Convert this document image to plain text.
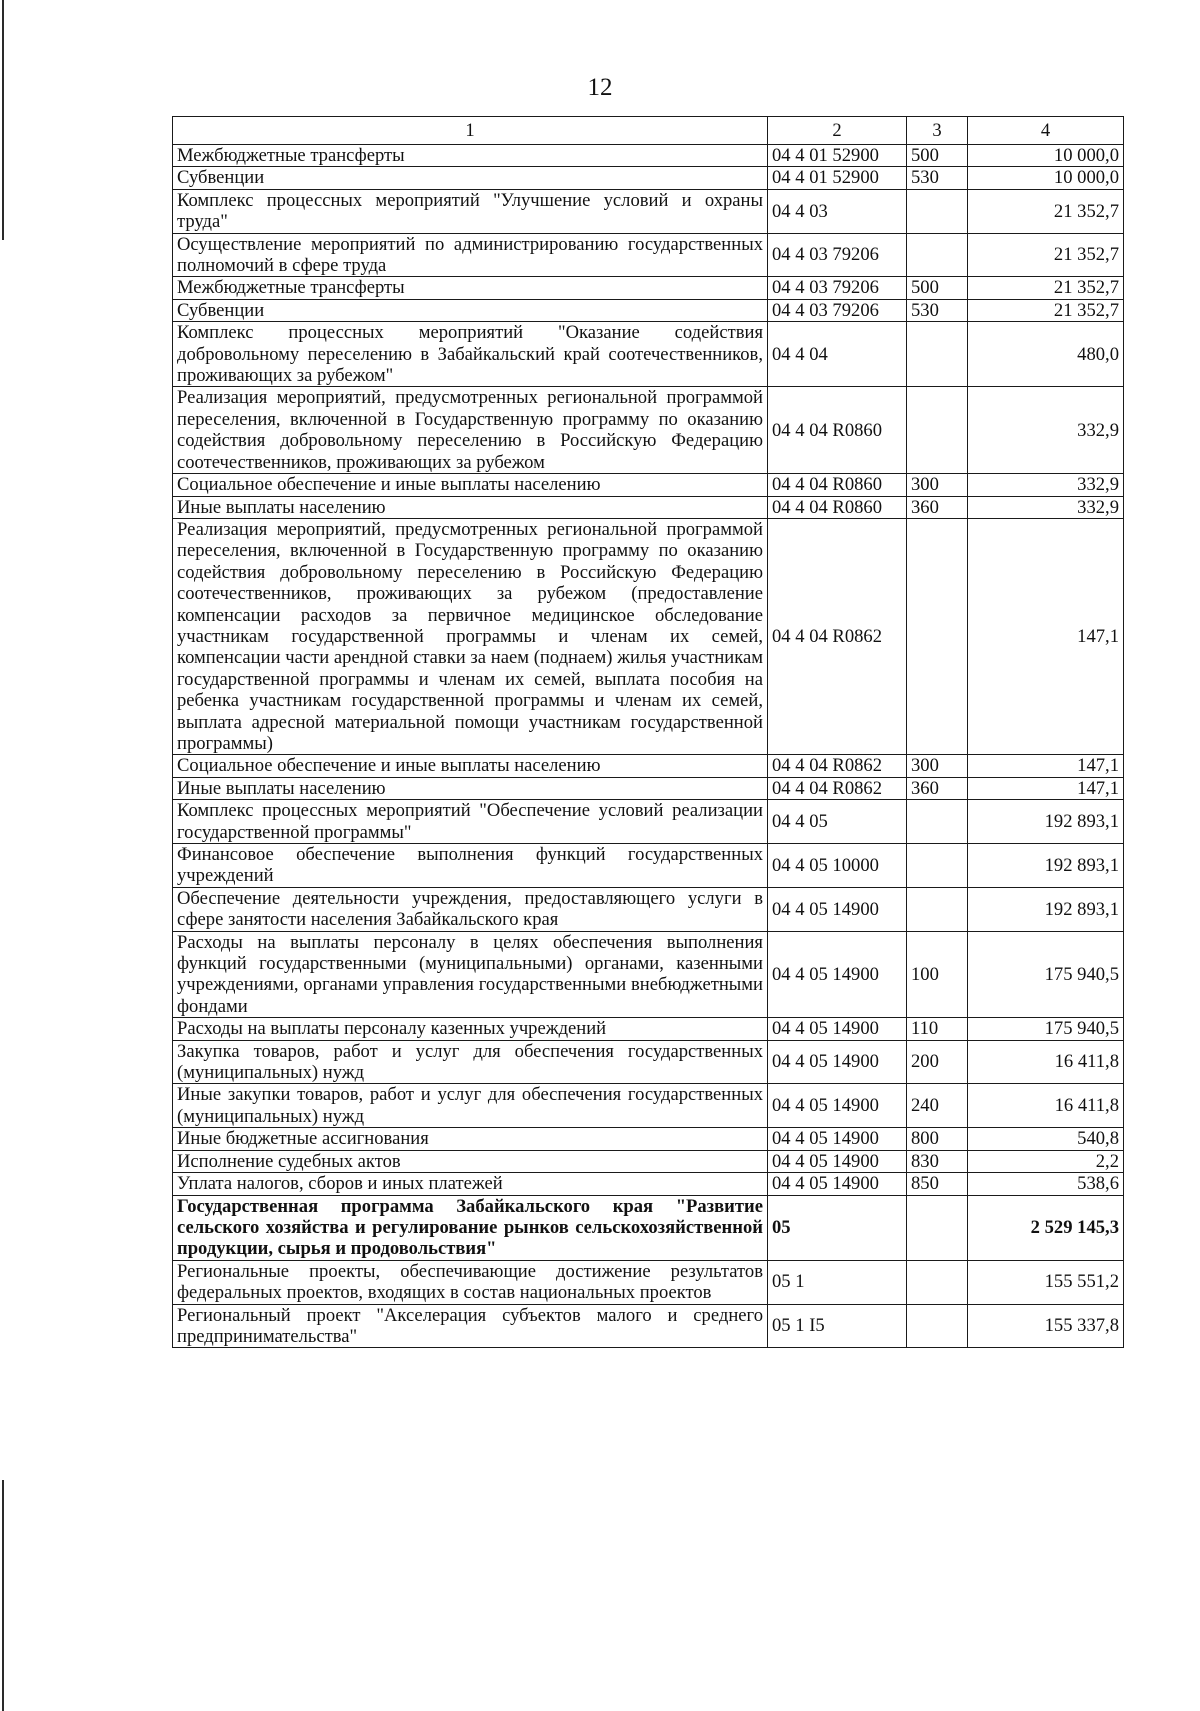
12
1	2	3	4
Межбюджетные трансферты	04 4 01 52900	500	10 000,0
Субвенции	04 4 01 52900	530	10 000,0
Комплекс процессных мероприятий "Улучшение условий и охраны труда"	04 4 03		21 352,7
Осуществление мероприятий по администрированию государственных полномочий в сфере труда	04 4 03 79206		21 352,7
Межбюджетные трансферты	04 4 03 79206	500	21 352,7
Субвенции	04 4 03 79206	530	21 352,7
Комплекс процессных мероприятий "Оказание содействия добровольному переселению в Забайкальский край соотечественников, проживающих за рубежом"	04 4 04		480,0
Реализация мероприятий, предусмотренных региональной программой переселения, включенной в Государственную программу по оказанию содействия добровольному переселению в Российскую Федерацию соотечественников, проживающих за рубежом	04 4 04 R0860		332,9
Социальное обеспечение и иные выплаты населению	04 4 04 R0860	300	332,9
Иные выплаты населению	04 4 04 R0860	360	332,9
Реализация мероприятий, предусмотренных региональной программой переселения, включенной в Государственную программу по оказанию содействия добровольному переселению в Российскую Федерацию соотечественников, проживающих за рубежом (предоставление компенсации расходов за первичное медицинское обследование участникам государственной программы и членам их семей, компенсации части арендной ставки за наем (поднаем) жилья участникам государственной программы и членам их семей, выплата пособия на ребенка участникам государственной программы и членам их семей, выплата адресной материальной помощи участникам государственной программы)	04 4 04 R0862		147,1
Социальное обеспечение и иные выплаты населению	04 4 04 R0862	300	147,1
Иные выплаты населению	04 4 04 R0862	360	147,1
Комплекс процессных мероприятий "Обеспечение условий реализации государственной программы"	04 4 05		192 893,1
Финансовое обеспечение выполнения функций государственных учреждений	04 4 05 10000		192 893,1
Обеспечение деятельности учреждения, предоставляющего услуги в сфере занятости населения Забайкальского края	04 4 05 14900		192 893,1
Расходы на выплаты персоналу в целях обеспечения выполнения функций государственными (муниципальными) органами, казенными учреждениями, органами управления государственными внебюджетными фондами	04 4 05 14900	100	175 940,5
Расходы на выплаты персоналу казенных учреждений	04 4 05 14900	110	175 940,5
Закупка товаров, работ и услуг для обеспечения государственных (муниципальных) нужд	04 4 05 14900	200	16 411,8
Иные закупки товаров, работ и услуг для обеспечения государственных (муниципальных) нужд	04 4 05 14900	240	16 411,8
Иные бюджетные ассигнования	04 4 05 14900	800	540,8
Исполнение судебных актов	04 4 05 14900	830	2,2
Уплата налогов, сборов и иных платежей	04 4 05 14900	850	538,6
Государственная программа Забайкальского края "Развитие сельского хозяйства и регулирование рынков сельскохозяйственной продукции, сырья и продовольствия"	05		2 529 145,3
Региональные проекты, обеспечивающие достижение результатов федеральных проектов, входящих в состав национальных проектов	05 1		155 551,2
Региональный проект "Акселерация субъектов малого и среднего предпринимательства"	05 1 I5		155 337,8
